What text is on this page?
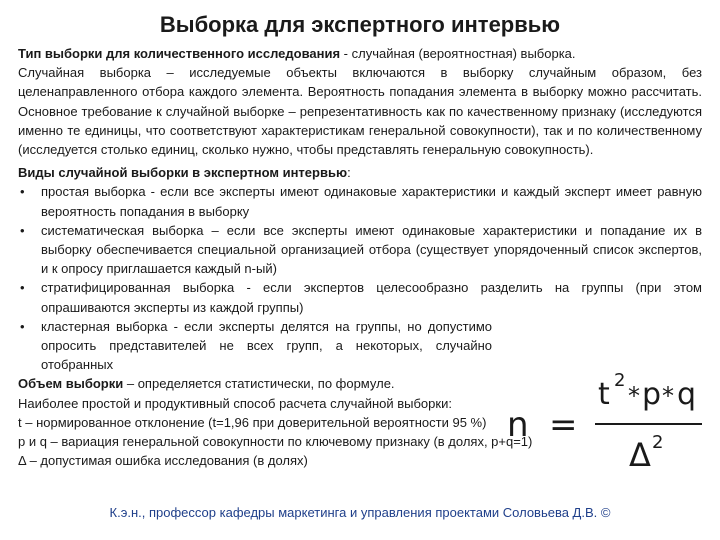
Выборка для экспертного интервью

Тип выборки для количественного исследования - случайная (вероятностная) выборка.
Случайная выборка – исследуемые объекты включаются в выборку случайным образом, без целенаправленного отбора каждого элемента. Вероятность попадания элемента в выборку можно рассчитать. Основное требование к случайной выборке – репрезентативность как по качественному признаку (исследуются именно те единицы, что соответствуют характеристикам генеральной совокупности), так и по количественному (исследуется столько единиц, сколько нужно, чтобы представлять генеральную совокупность).

Виды случайной выборки в экспертном интервью:
• простая выборка - если все эксперты имеют одинаковые характеристики и каждый эксперт имеет равную вероятность попадания в выборку
• систематическая выборка – если все эксперты имеют одинаковые характеристики и попадание их в выборку обеспечивается специальной организацией отбора (существует упорядоченный список экспертов, и к опросу приглашается каждый n-ый)
• стратифицированная выборка - если экспертов целесообразно разделить на группы (при этом опрашиваются эксперты из каждой группы)
• кластерная выборка - если эксперты делятся на группы, но допустимо опросить представителей не всех групп, а некоторых, случайно отобранных
Объем выборки – определяется статистически, по формуле.
Наиболее простой и продуктивный способ расчета случайной выборки:
t – нормированное отклонение (t=1,96 при доверительной вероятности 95 %)
p и q – вариация генеральной совокупности по ключевому признаку (в долях, p+q=1)
Δ – допустимая ошибка исследования (в долях)
n =
t 2
* p * q
Δ 2
К.э.н., профессор кафедры маркетинга и управления проектами Соловьева Д.В. ©
